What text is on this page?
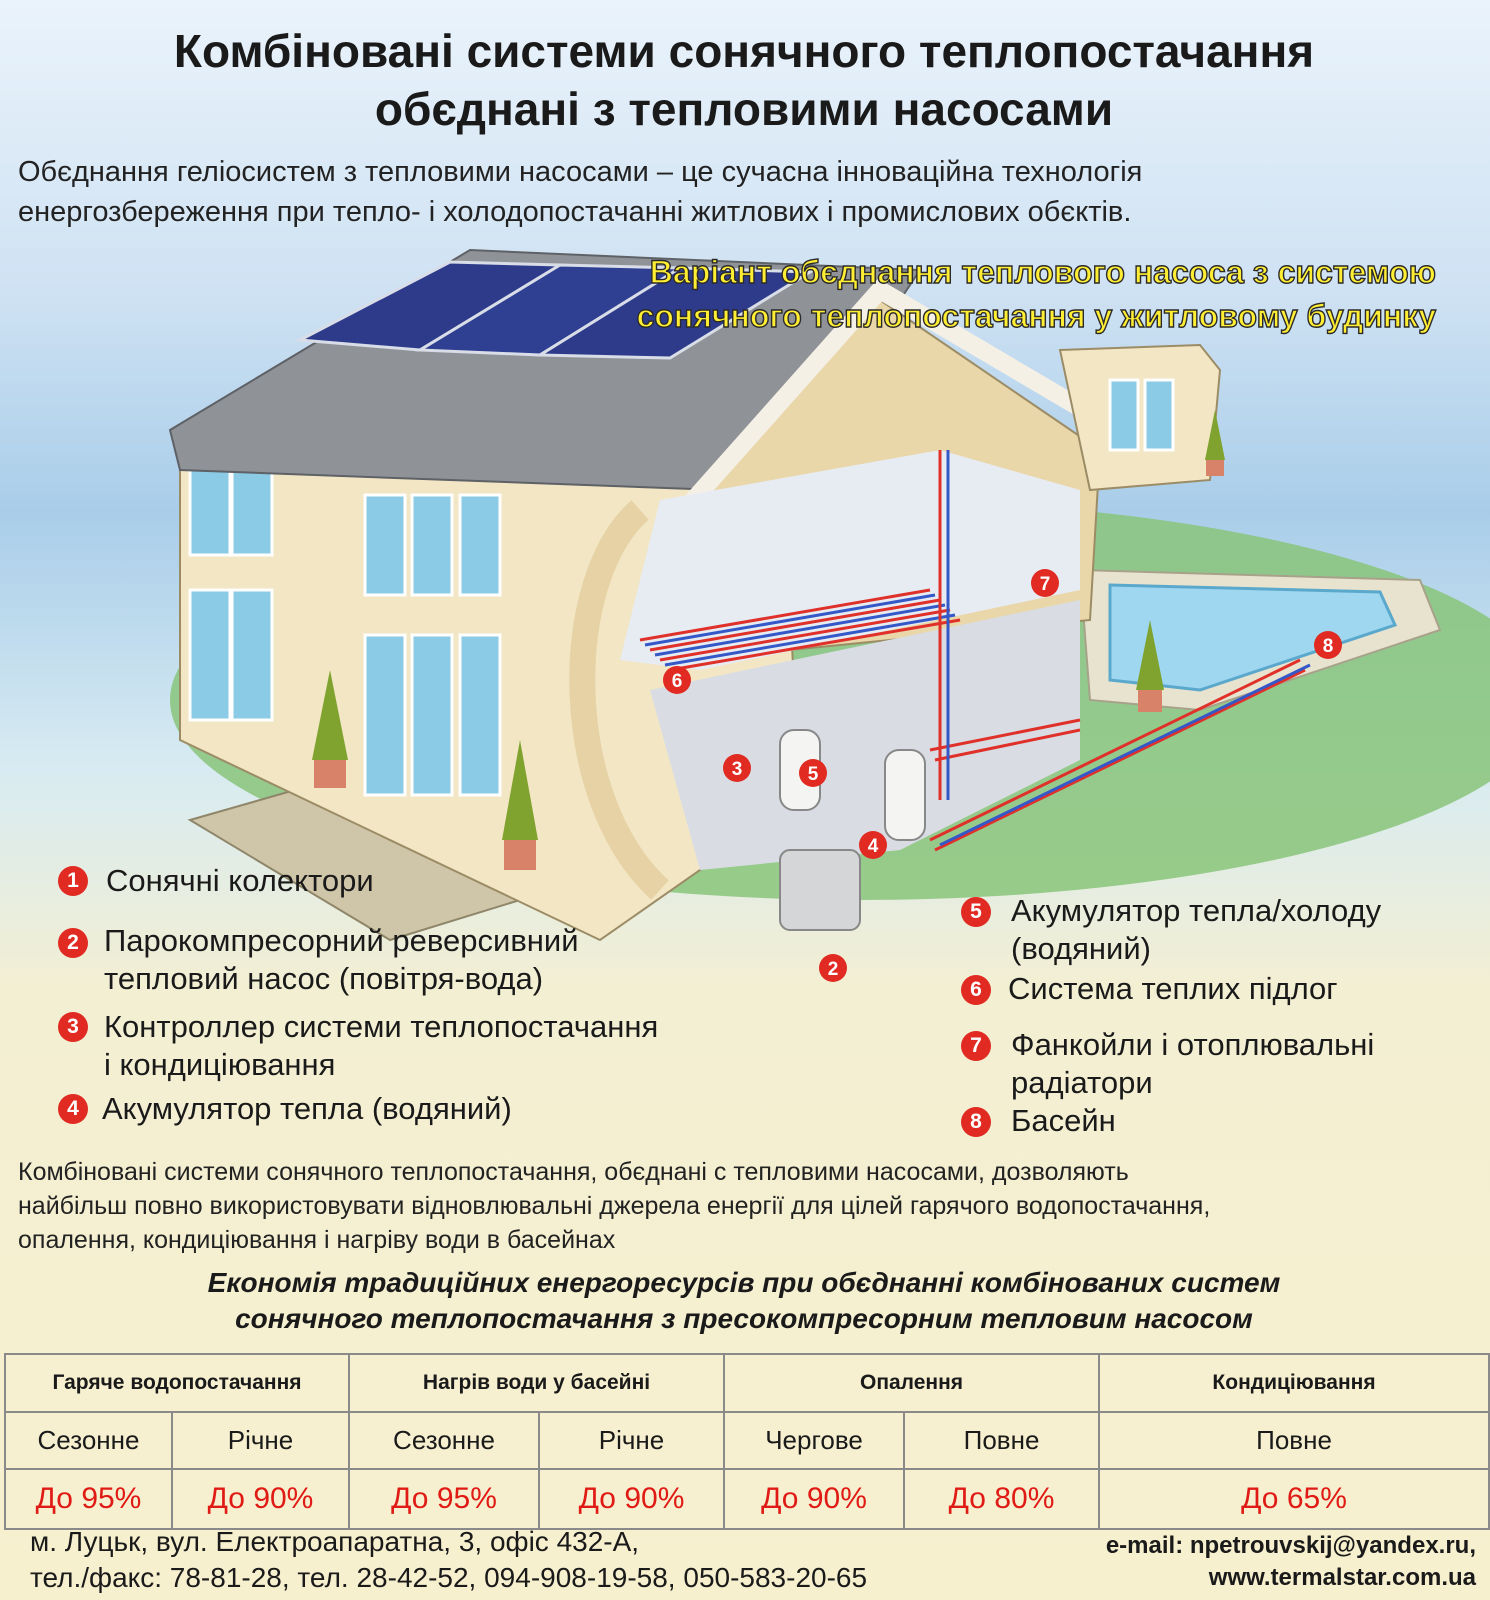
Комбіновані системи сонячного теплопостачання
обєднані з тепловими насосами
Обєднання геліосистем з тепловими насосами – це сучасна інноваційна технологія
енергозбереження при тепло- і холодопостачанні житлових і промислових обєктів.
2
3
4
5
6
7
8
Варіант обєднання теплового насоса з системою
сонячного теплопостачання у житловому будинку
1 Сонячні колектори
2 Парокомпресорний реверсивний
тепловий насос (повітря-вода)
3 Контроллер системи теплопостачання
і кондиціювання
4 Акумулятор тепла (водяний)
5 Акумулятор тепла/холоду
(водяний)
6 Система теплих підлог
7 Фанкойли і отоплювальні
радіатори
8 Басейн
Комбіновані системи сонячного теплопостачання, обєднані с тепловими насосами, дозволяють
найбільш повно використовувати відновлювальні джерела енергії для цілей гарячого водопостачання,
опалення, кондиціювання і нагріву води в басейнах
Економія традиційних енергоресурсів при обєднанні комбінованих систем
сонячного теплопостачання з пресокомпресорним тепловим насосом
Гаряче водопостачання		Нагрів води у басейні		Опалення		Кондиціювання
Сезонне	Річне	Сезонне	Річне	Чергове	Повне	Повне
До 95%	До 90%	До 95%	До 90%	До 90%	До 80%	До 65%
м. Луцьк, вул. Електроапаратна, 3, офіс 432-А,
тел./факс: 78-81-28, тел. 28-42-52, 094-908-19-58, 050-583-20-65
e-mail: npetrouvskij@yandex.ru,
www.termalstar.com.ua
